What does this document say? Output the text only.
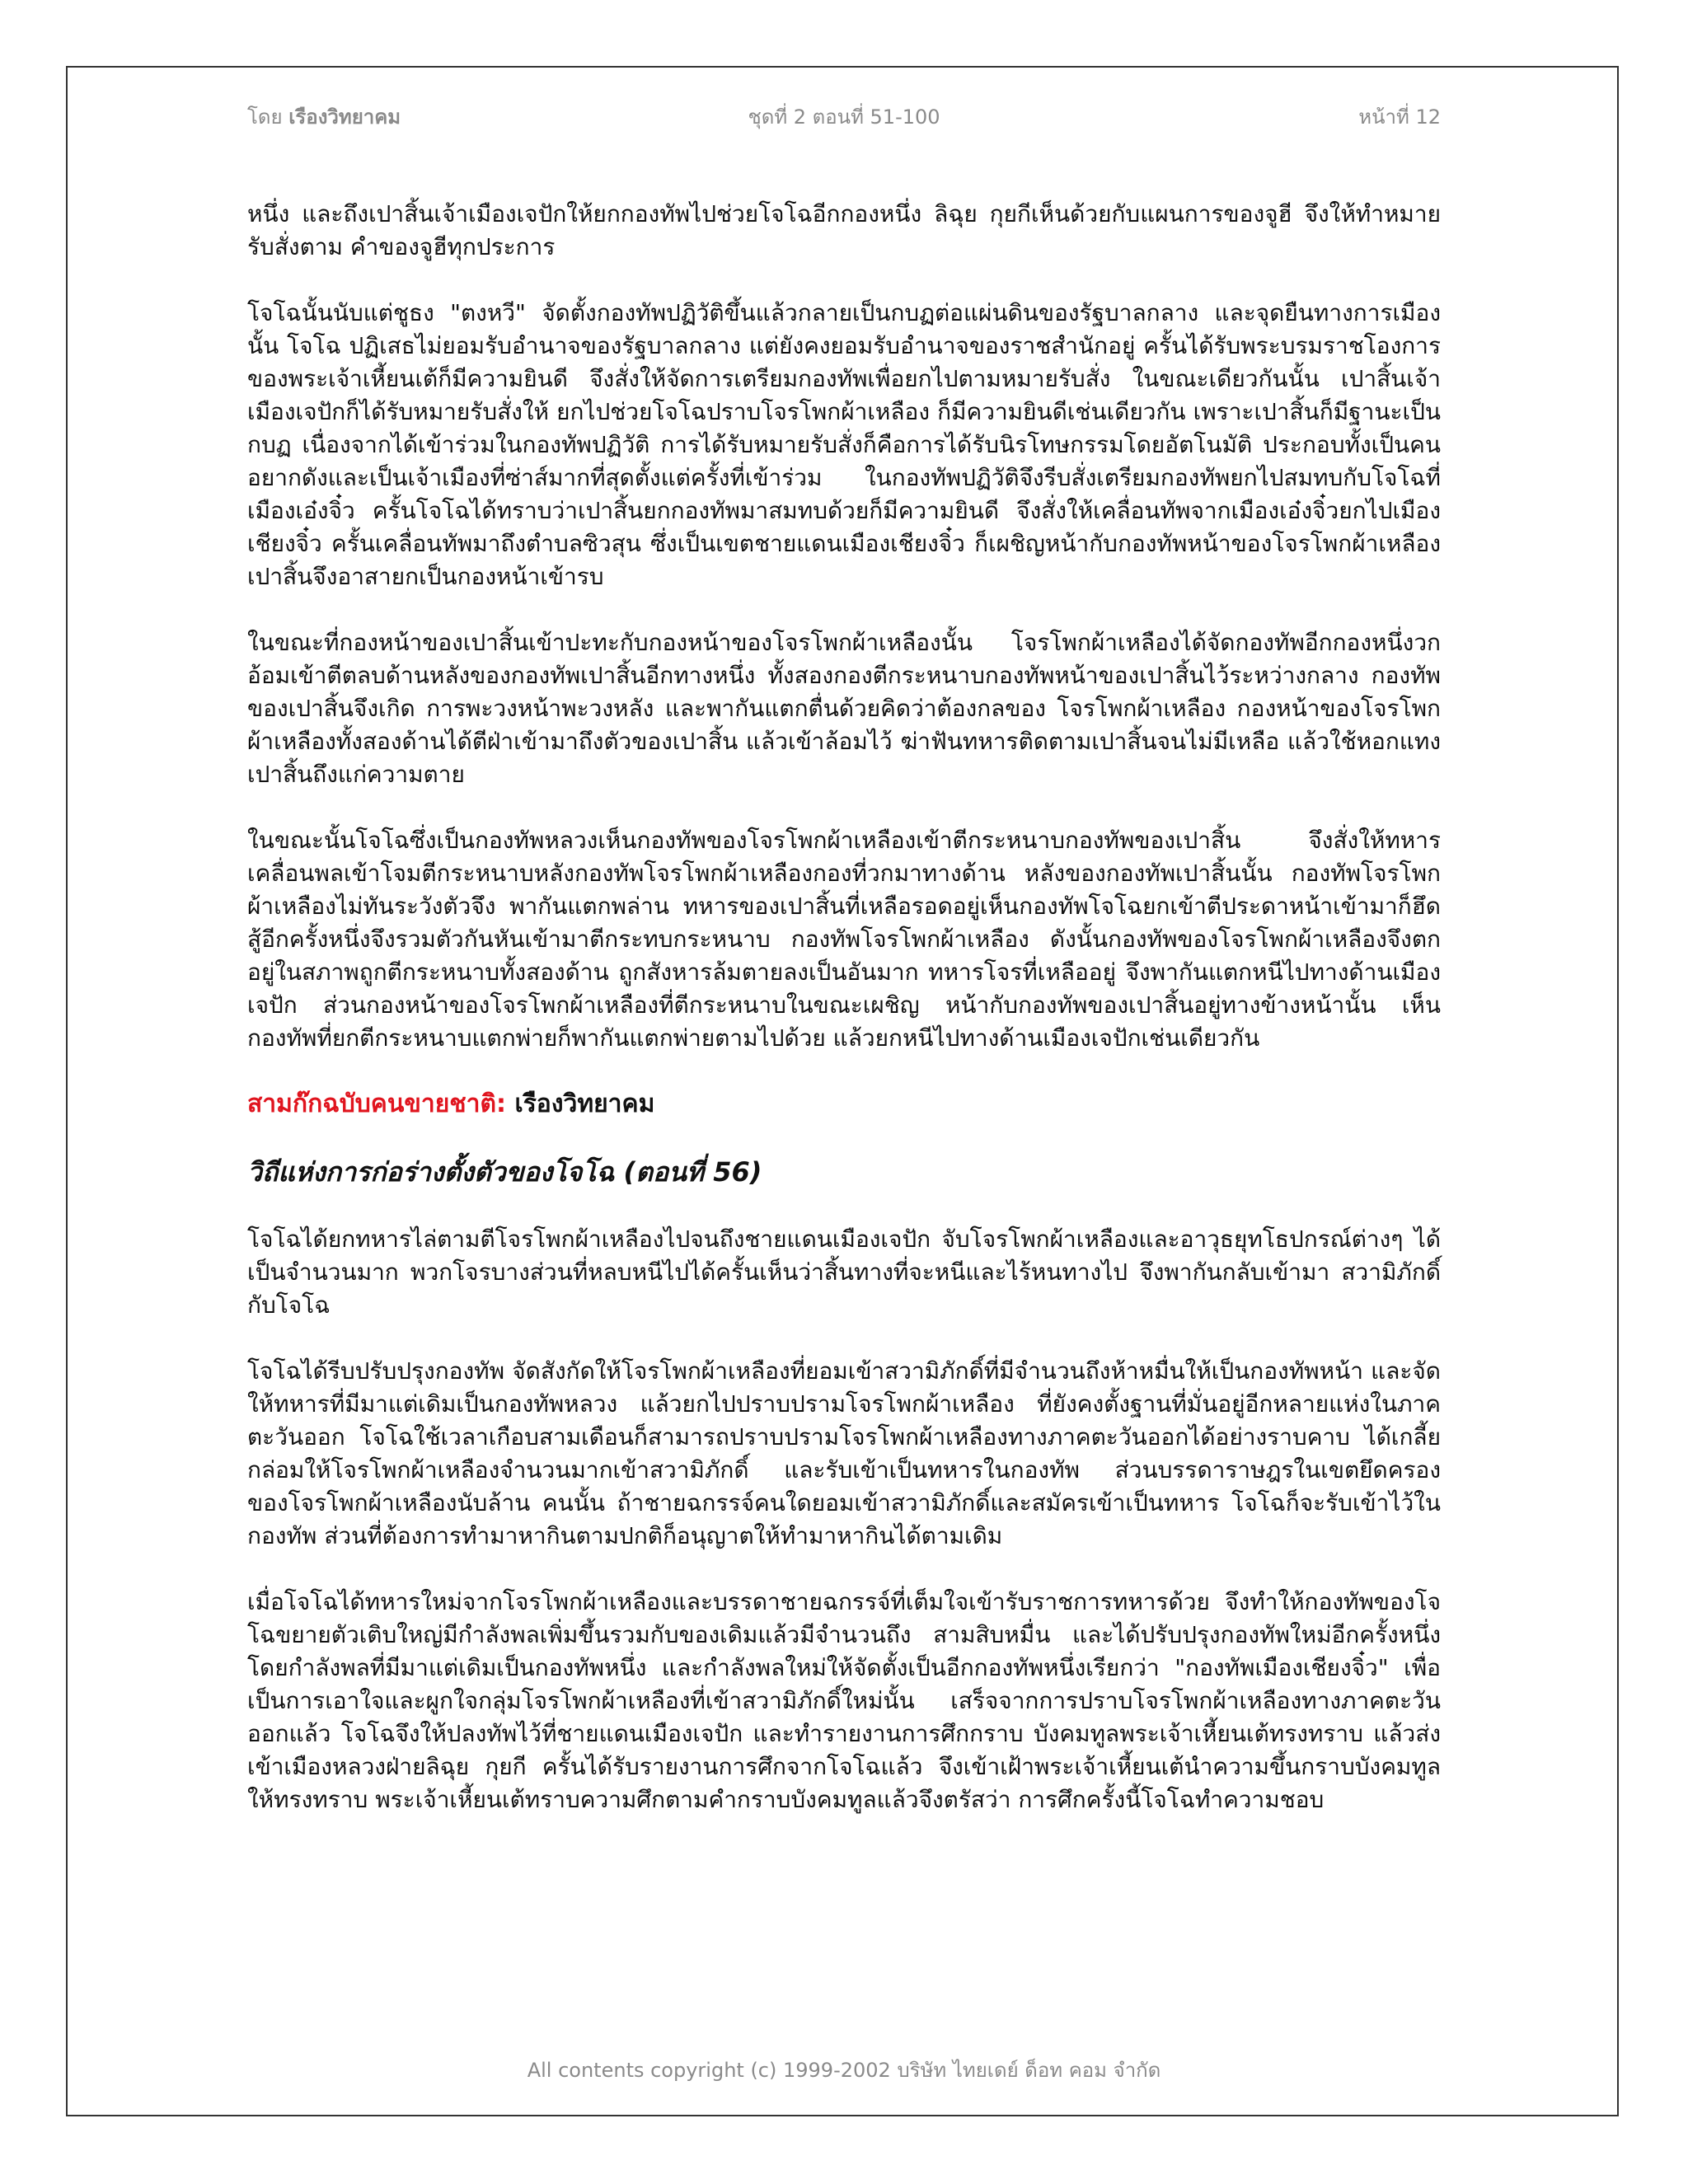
โดย เรืองวิทยาคม	ชุดที่ 2 ตอนที่ 51-100	หน้าที่ 12

หนึ่ง และถึงเปาสิ้นเจ้าเมืองเจปักให้ยกกองทัพไปช่วยโจโฉอีกกองหนึ่ง ลิฉุย กุยกีเห็นด้วยกับแผนการของจูฮี จึงให้ทำหมายรับสั่งตาม คำของจูฮีทุกประการ

โจโฉนั้นนับแต่ชูธง "ตงหวี" จัดตั้งกองทัพปฏิวัติขึ้นแล้วกลายเป็นกบฏต่อแผ่นดินของรัฐบาลกลาง และจุดยืนทางการเมืองนั้น โจโฉ ปฏิเสธไม่ยอมรับอำนาจของรัฐบาลกลาง แต่ยังคงยอมรับอำนาจของราชสำนักอยู่ ครั้นได้รับพระบรมราชโองการของพระเจ้าเหี้ยนเต้ก็มีความยินดี จึงสั่งให้จัดการเตรียมกองทัพเพื่อยกไปตามหมายรับสั่ง ในขณะเดียวกันนั้น เปาสิ้นเจ้าเมืองเจปักก็ได้รับหมายรับสั่งให้ ยกไปช่วยโจโฉปราบโจรโพกผ้าเหลือง ก็มีความยินดีเช่นเดียวกัน เพราะเปาสิ้นก็มีฐานะเป็นกบฏ เนื่องจากได้เข้าร่วมในกองทัพปฏิวัติ การได้รับหมายรับสั่งก็คือการได้รับนิรโทษกรรมโดยอัตโนมัติ ประกอบทั้งเป็นคนอยากดังและเป็นเจ้าเมืองที่ซ่าส์มากที่สุดตั้งแต่ครั้งที่เข้าร่วม ในกองทัพปฏิวัติจึงรีบสั่งเตรียมกองทัพยกไปสมทบกับโจโฉที่เมืองเอ๋งจิ๋ว ครั้นโจโฉได้ทราบว่าเปาสิ้นยกกองทัพมาสมทบด้วยก็มีความยินดี จึงสั่งให้เคลื่อนทัพจากเมืองเอ๋งจิ๋วยกไปเมืองเชียงจิ๋ว ครั้นเคลื่อนทัพมาถึงตำบลซิวสุน ซึ่งเป็นเขตชายแดนเมืองเชียงจิ๋ว ก็เผชิญหน้ากับกองทัพหน้าของโจรโพกผ้าเหลือง เปาสิ้นจึงอาสายกเป็นกองหน้าเข้ารบ

ในขณะที่กองหน้าของเปาสิ้นเข้าปะทะกับกองหน้าของโจรโพกผ้าเหลืองนั้น โจรโพกผ้าเหลืองได้จัดกองทัพอีกกองหนึ่งวกอ้อมเข้าตีตลบด้านหลังของกองทัพเปาสิ้นอีกทางหนึ่ง ทั้งสองกองตีกระหนาบกองทัพหน้าของเปาสิ้นไว้ระหว่างกลาง กองทัพของเปาสิ้นจึงเกิด การพะวงหน้าพะวงหลัง และพากันแตกตื่นด้วยคิดว่าต้องกลของ โจรโพกผ้าเหลือง กองหน้าของโจรโพกผ้าเหลืองทั้งสองด้านได้ตีฝ่าเข้ามาถึงตัวของเปาสิ้น แล้วเข้าล้อมไว้ ฆ่าฟันทหารติดตามเปาสิ้นจนไม่มีเหลือ แล้วใช้หอกแทงเปาสิ้นถึงแก่ความตาย

ในขณะนั้นโจโฉซึ่งเป็นกองทัพหลวงเห็นกองทัพของโจรโพกผ้าเหลืองเข้าตีกระหนาบกองทัพของเปาสิ้น จึงสั่งให้ทหารเคลื่อนพลเข้าโจมตีกระหนาบหลังกองทัพโจรโพกผ้าเหลืองกองที่วกมาทางด้าน หลังของกองทัพเปาสิ้นนั้น กองทัพโจรโพกผ้าเหลืองไม่ทันระวังตัวจึง พากันแตกพล่าน ทหารของเปาสิ้นที่เหลือรอดอยู่เห็นกองทัพโจโฉยกเข้าตีประดาหน้าเข้ามาก็ฮึดสู้อีกครั้งหนึ่งจึงรวมตัวกันหันเข้ามาตีกระทบกระหนาบ กองทัพโจรโพกผ้าเหลือง ดังนั้นกองทัพของโจรโพกผ้าเหลืองจึงตกอยู่ในสภาพถูกตีกระหนาบทั้งสองด้าน ถูกสังหารล้มตายลงเป็นอันมาก ทหารโจรที่เหลืออยู่ จึงพากันแตกหนีไปทางด้านเมืองเจปัก ส่วนกองหน้าของโจรโพกผ้าเหลืองที่ตีกระหนาบในขณะเผชิญ หน้ากับกองทัพของเปาสิ้นอยู่ทางข้างหน้านั้น เห็นกองทัพที่ยกตีกระหนาบแตกพ่ายก็พากันแตกพ่ายตามไปด้วย แล้วยกหนีไปทางด้านเมืองเจปักเช่นเดียวกัน

สามก๊กฉบับคนขายชาติ: เรืองวิทยาคม
วิถีแห่งการก่อร่างตั้งตัวของโจโฉ (ตอนที่ 56)

โจโฉได้ยกทหารไล่ตามตีโจรโพกผ้าเหลืองไปจนถึงชายแดนเมืองเจปัก จับโจรโพกผ้าเหลืองและอาวุธยุทโธปกรณ์ต่างๆ ได้เป็นจำนวนมาก พวกโจรบางส่วนที่หลบหนีไปได้ครั้นเห็นว่าสิ้นทางที่จะหนีและไร้หนทางไป จึงพากันกลับเข้ามา สวามิภักดิ์กับโจโฉ

โจโฉได้รีบปรับปรุงกองทัพ จัดสังกัดให้โจรโพกผ้าเหลืองที่ยอมเข้าสวามิภักดิ์ที่มีจำนวนถึงห้าหมื่นให้เป็นกองทัพหน้า และจัดให้ทหารที่มีมาแต่เดิมเป็นกองทัพหลวง แล้วยกไปปราบปรามโจรโพกผ้าเหลือง ที่ยังคงตั้งฐานที่มั่นอยู่อีกหลายแห่งในภาคตะวันออก โจโฉใช้เวลาเกือบสามเดือนก็สามารถปราบปรามโจรโพกผ้าเหลืองทางภาคตะวันออกได้อย่างราบคาบ ได้เกลี้ยกล่อมให้โจรโพกผ้าเหลืองจำนวนมากเข้าสวามิภักดิ์ และรับเข้าเป็นทหารในกองทัพ ส่วนบรรดาราษฎรในเขตยึดครองของโจรโพกผ้าเหลืองนับล้าน คนนั้น ถ้าชายฉกรรจ์คนใดยอมเข้าสวามิภักดิ์และสมัครเข้าเป็นทหาร โจโฉก็จะรับเข้าไว้ในกองทัพ ส่วนที่ต้องการทำมาหากินตามปกติก็อนุญาตให้ทำมาหากินได้ตามเดิม

เมื่อโจโฉได้ทหารใหม่จากโจรโพกผ้าเหลืองและบรรดาชายฉกรรจ์ที่เต็มใจเข้ารับราชการทหารด้วย จึงทำให้กองทัพของโจโฉขยายตัวเติบใหญ่มีกำลังพลเพิ่มขึ้นรวมกับของเดิมแล้วมีจำนวนถึง สามสิบหมื่น และได้ปรับปรุงกองทัพใหม่อีกครั้งหนึ่ง โดยกำลังพลที่มีมาแต่เดิมเป็นกองทัพหนึ่ง และกำลังพลใหม่ให้จัดตั้งเป็นอีกกองทัพหนึ่งเรียกว่า "กองทัพเมืองเชียงจิ๋ว" เพื่อเป็นการเอาใจและผูกใจกลุ่มโจรโพกผ้าเหลืองที่เข้าสวามิภักดิ์ใหม่นั้น เสร็จจากการปราบโจรโพกผ้าเหลืองทางภาคตะวันออกแล้ว โจโฉจึงให้ปลงทัพไว้ที่ชายแดนเมืองเจปัก และทำรายงานการศึกกราบ บังคมทูลพระเจ้าเหี้ยนเต้ทรงทราบ แล้วส่งเข้าเมืองหลวงฝ่ายลิฉุย กุยกี ครั้นได้รับรายงานการศึกจากโจโฉแล้ว จึงเข้าเฝ้าพระเจ้าเหี้ยนเต้นำความขึ้นกราบบังคมทูลให้ทรงทราบ พระเจ้าเหี้ยนเต้ทราบความศึกตามคำกราบบังคมทูลแล้วจึงตรัสว่า การศึกครั้งนี้โจโฉทำความชอบ

All contents copyright (c) 1999-2002 บริษัท ไทยเดย์ ด็อท คอม จำกัด
